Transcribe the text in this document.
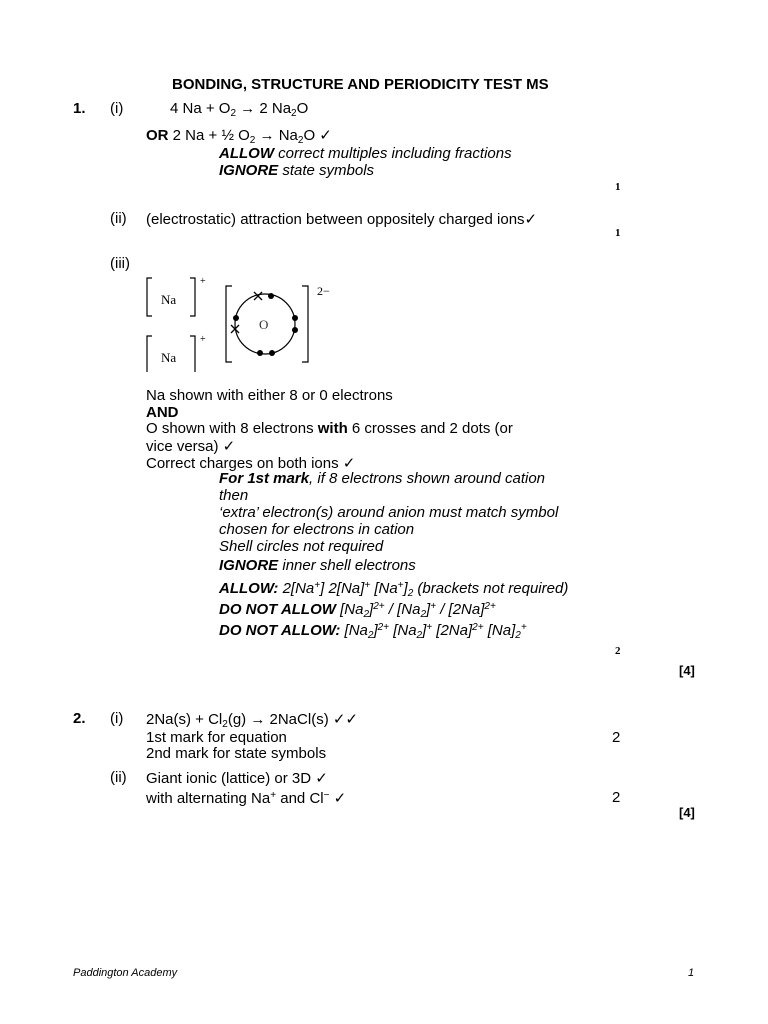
BONDING, STRUCTURE AND PERIODICITY TEST MS
1. (i)	4 $Na + O_2 \to 2$ $Na_2O$
OR 2 Na + ½ $O_2 \to Na_2O$ ✓
ALLOW correct multiples including fractions
IGNORE state symbols
1
(ii) (electrostatic) attraction between oppositely charged ions✓
1
(iii)
Na
Na
+
+
O
2−
Na shown with either 8 or 0 electrons
AND
O shown with 8 electrons with 6 crosses and 2 dots (or
vice versa) ✓
Correct charges on both ions ✓
For 1st mark, if 8 electrons shown around cation
then
‘extra’ electron(s) around anion must match symbol
chosen for electrons in cation
Shell circles not required
IGNORE inner shell electrons
ALLOW: 2[Na+] 2[Na]+ $[Na^+]_2$ (brackets not required)
DO NOT ALLOW $[Na_2]^{2+} / [Na_2]^+ / [2Na]^{2+}$
DO NOT ALLOW: $[Na_2]^{2+}$ $[Na_2]^+$ $[2Na]^{2+}$ $[Na]_2^+$
2
[4]
2. (i) $2Na(s) + Cl_2(g)$ → 2NaCl(s) ✓✓
1st mark for equation	2
2nd mark for state symbols
(ii) Giant ionic (lattice) or 3D ✓
with alternating Na+ and Cl− ✓	2
[4]
Paddington Academy	1
